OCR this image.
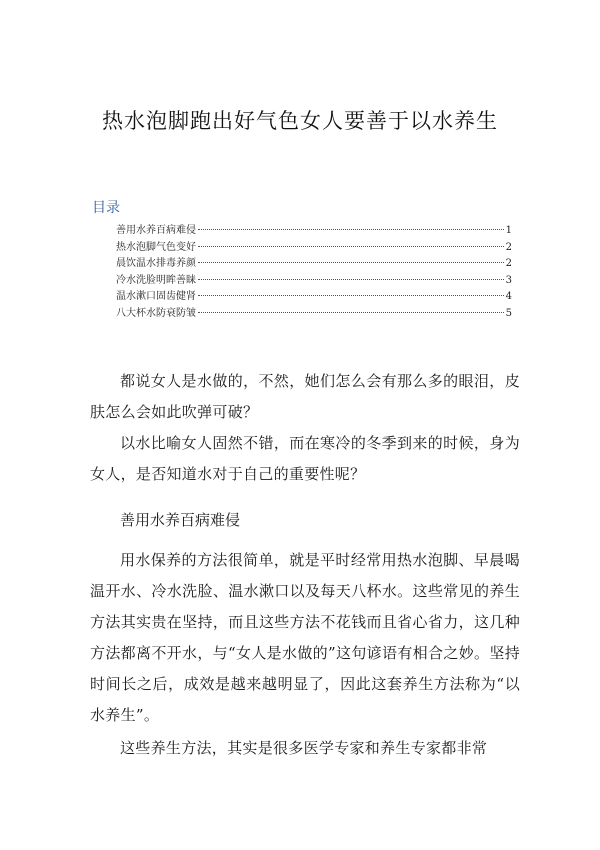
热水泡脚跑出好气色女人要善于以水养生
目录
善用水养百病难侵	1
热水泡脚气色变好	2
晨饮温水排毒养颜	2
冷水洗脸明眸善睐	3
温水漱口固齿健肾	4
八大杯水防衰防皱	5

都说女人是水做的，不然，她们怎么会有那么多的眼泪，皮肤怎么会如此吹弹可破？

以水比喻女人固然不错，而在寒冷的冬季到来的时候，身为女人，是否知道水对于自己的重要性呢？

善用水养百病难侵

用水保养的方法很简单，就是平时经常用热水泡脚、早晨喝温开水、冷水洗脸、温水漱口以及每天八杯水。这些常见的养生方法其实贵在坚持，而且这些方法不花钱而且省心省力，这几种方法都离不开水，与“女人是水做的”这句谚语有相合之妙。坚持时间长之后，成效是越来越明显了，因此这套养生方法称为“以水养生”。

这些养生方法，其实是很多医学专家和养生专家都非常
